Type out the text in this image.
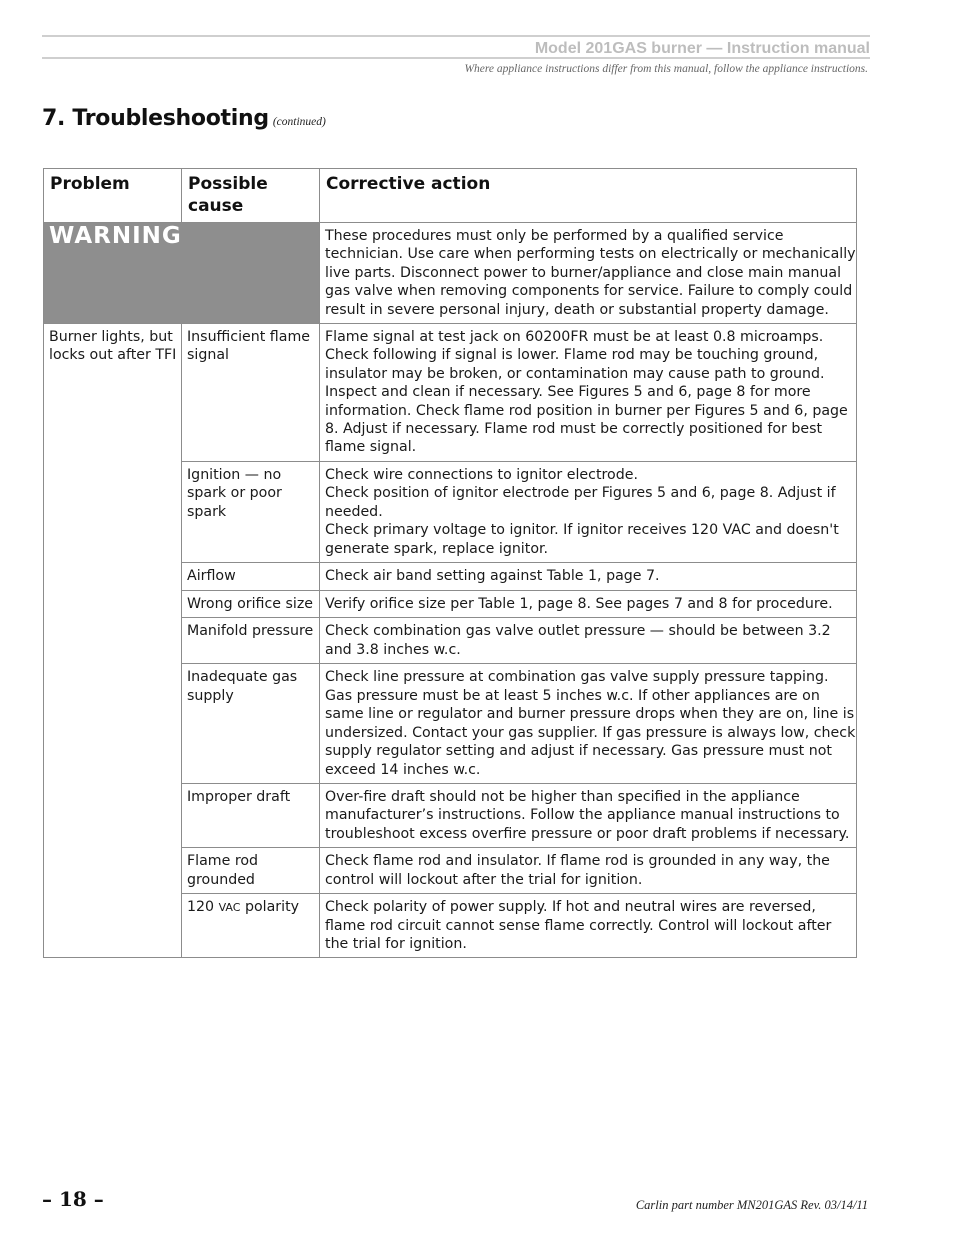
Model 201GAS burner — Instruction manual
Where appliance instructions differ from this manual, follow the appliance instructions.
7. Troubleshooting (continued)
Problem	Possible cause	Corrective action
WARNING		These procedures must only be performed by a qualified service technician. Use care when performing tests on electrically or mechanically live parts. Disconnect power to burner/appliance and close main manual gas valve when removing components for service. Failure to comply could result in severe personal injury, death or substantial property damage.
Burner lights, but locks out after TFI	Insufficient flame signal	Flame signal at test jack on 60200FR must be at least 0.8 microamps. Check following if signal is lower. Flame rod may be touching ground, insulator may be broken, or contamination may cause path to ground. Inspect and clean if necessary. See Figures 5 and 6, page 8 for more information. Check flame rod position in burner per Figures 5 and 6, page 8. Adjust if necessary. Flame rod must be correctly positioned for best flame signal.
	Ignition — no spark or poor spark	Check wire connections to ignitor electrode.
Check position of ignitor electrode per Figures 5 and 6, page 8. Adjust if needed.
Check primary voltage to ignitor. If ignitor receives 120 VAC and doesn't generate spark, replace ignitor.
	Airflow	Check air band setting against Table 1, page 7.
	Wrong orifice size	Verify orifice size per Table 1, page 8. See pages 7 and 8 for procedure.
	Manifold pressure	Check combination gas valve outlet pressure — should be between 3.2 and 3.8 inches w.c.
	Inadequate gas supply	Check line pressure at combination gas valve supply pressure tapping. Gas pressure must be at least 5 inches w.c. If other appliances are on same line or regulator and burner pressure drops when they are on, line is undersized. Contact your gas supplier. If gas pressure is always low, check supply regulator setting and adjust if necessary. Gas pressure must not exceed 14 inches w.c.
	Improper draft	Over-fire draft should not be higher than specified in the appliance manufacturer’s instructions. Follow the appliance manual instructions to troubleshoot excess overfire pressure or poor draft problems if necessary.
	Flame rod grounded	Check flame rod and insulator. If flame rod is grounded in any way, the control will lockout after the trial for ignition.
	120 VAC polarity	Check polarity of power supply. If hot and neutral wires are reversed, flame rod circuit cannot sense flame correctly. Control will lockout after the trial for ignition.
– 18 –	Carlin part number MN201GAS Rev. 03/14/11
